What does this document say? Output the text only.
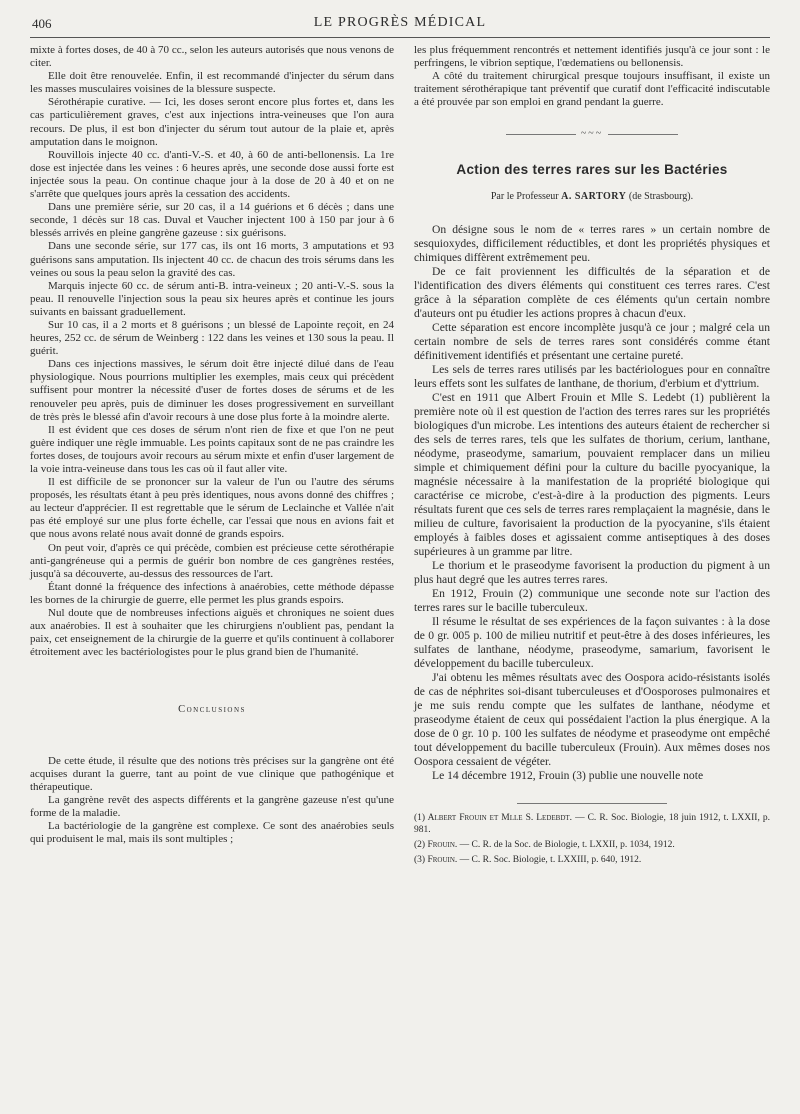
406	LE PROGRÈS MÉDICAL

mixte à fortes doses, de 40 à 70 cc., selon les auteurs autorisés que nous venons de citer.

Elle doit être renouvelée. Enfin, il est recommandé d'injecter du sérum dans les masses musculaires voisines de la blessure suspecte.

Sérothérapie curative. — Ici, les doses seront encore plus fortes et, dans les cas particulièrement graves, c'est aux injections intra-veineuses que l'on aura recours. De plus, il est bon d'injecter du sérum tout autour de la plaie et, après amputation dans le moignon.

Rouvillois injecte 40 cc. d'anti-V.-S. et 40, à 60 de anti-bellonensis. La 1re dose est injectée dans les veines : 6 heures après, une seconde dose aussi forte est injectée sous la peau. On continue chaque jour à la dose de 20 à 40 et on ne s'arrête que quelques jours après la cessation des accidents.

Dans une première série, sur 20 cas, il a 14 guérions et 6 décès ; dans une seconde, 1 décès sur 18 cas. Duval et Vaucher injectent 100 à 150 par jour à 6 blessés arrivés en pleine gangrène gazeuse : six guérisons.

Dans une seconde série, sur 177 cas, ils ont 16 morts, 3 amputations et 93 guérisons sans amputation. Ils injectent 40 cc. de chacun des trois sérums dans les veines ou sous la peau selon la gravité des cas.

Marquis injecte 60 cc. de sérum anti-B. intra-veineux ; 20 anti-V.-S. sous la peau. Il renouvelle l'injection sous la peau six heures après et continue les jours suivants en baissant graduellement.

Sur 10 cas, il a 2 morts et 8 guérisons ; un blessé de Lapointe reçoit, en 24 heures, 252 cc. de sérum de Weinberg : 122 dans les veines et 130 sous la peau. Il guérit.

Dans ces injections massives, le sérum doit être injecté dilué dans de l'eau physiologique. Nous pourrions multiplier les exemples, mais ceux qui précèdent suffisent pour montrer la nécessité d'user de fortes doses de sérums et de les renouveler peu après, puis de diminuer les doses progressivement en surveillant de très près le blessé afin d'avoir recours à une dose plus forte à la moindre alerte.

Il est évident que ces doses de sérum n'ont rien de fixe et que l'on ne peut guère indiquer une règle immuable. Les points capitaux sont de ne pas craindre les fortes doses, de toujours avoir recours au sérum mixte et enfin d'user largement de la voie intra-veineuse dans tous les cas où il faut aller vite.

Il est difficile de se prononcer sur la valeur de l'un ou l'autre des sérums proposés, les résultats étant à peu près identiques, nous avons donné des chiffres ; au lecteur d'apprécier. Il est regrettable que le sérum de Leclainche et Vallée n'ait pas été employé sur une plus forte échelle, car l'essai que nous en avions fait et que nous avons relaté nous avait donné de grands espoirs.

On peut voir, d'après ce qui précède, combien est précieuse cette sérothérapie anti-gangréneuse qui a permis de guérir bon nombre de ces gangrènes restées, jusqu'à sa découverte, au-dessus des ressources de l'art.

Étant donné la fréquence des infections à anaérobies, cette méthode dépasse les bornes de la chirurgie de guerre, elle permet les plus grands espoirs.

Nul doute que de nombreuses infections aiguës et chroniques ne soient dues aux anaérobies. Il est à souhaiter que les chirurgiens n'oublient pas, pendant la paix, cet enseignement de la chirurgie de la guerre et qu'ils continuent à collaborer étroitement avec les bactériologistes pour le plus grand bien de l'humanité.

Conclusions

De cette étude, il résulte que des notions très précises sur la gangrène ont été acquises durant la guerre, tant au point de vue clinique que pathogénique et thérapeutique.

La gangrène revêt des aspects différents et la gangrène gazeuse n'est qu'une forme de la maladie.

La bactériologie de la gangrène est complexe. Ce sont des anaérobies seuls qui produisent le mal, mais ils sont multiples ;

les plus fréquemment rencontrés et nettement identifiés jusqu'à ce jour sont : le perfringens, le vibrion septique, l'œdematiens ou bellonensis.

A côté du traitement chirurgical presque toujours insuffisant, il existe un traitement sérothérapique tant préventif que curatif dont l'efficacité indiscutable a été prouvée par son emploi en grand pendant la guerre.

~~~
Action des terres rares sur les Bactéries
Par le Professeur A. SARTORY (de Strasbourg).

On désigne sous le nom de « terres rares » un certain nombre de sesquioxydes, difficilement réductibles, et dont les propriétés physiques et chimiques diffèrent extrêmement peu.

De ce fait proviennent les difficultés de la séparation et de l'identification des divers éléments qui constituent ces terres rares. C'est grâce à la séparation complète de ces éléments qu'un certain nombre d'auteurs ont pu étudier les actions propres à chacun d'eux.

Cette séparation est encore incomplète jusqu'à ce jour ; malgré cela un certain nombre de sels de terres rares sont considérés comme étant définitivement identifiés et présentant une certaine pureté.

Les sels de terres rares utilisés par les bactériologues pour en connaître leurs effets sont les sulfates de lanthane, de thorium, d'erbium et d'yttrium.

C'est en 1911 que Albert Frouin et Mlle S. Ledebt (1) publièrent la première note où il est question de l'action des terres rares sur les propriétés biologiques d'un microbe. Les intentions des auteurs étaient de rechercher si des sels de terres rares, tels que les sulfates de thorium, cerium, lanthane, néodyme, praseodyme, samarium, pouvaient remplacer dans un milieu simple et chimiquement défini pour la culture du bacille pyocyanique, la magnésie nécessaire à la manifestation de la propriété biologique qui caractérise ce microbe, c'est-à-dire à la production des pigments. Leurs résultats furent que ces sels de terres rares remplaçaient la magnésie, dans le milieu de culture, favorisaient la production de la pyocyanine, s'ils étaient employés à faibles doses et agissaient comme antiseptiques à des doses supérieures à un gramme par litre.

Le thorium et le praseodyme favorisent la production du pigment à un plus haut degré que les autres terres rares.

En 1912, Frouin (2) communique une seconde note sur l'action des terres rares sur le bacille tuberculeux.

Il résume le résultat de ses expériences de la façon suivantes : à la dose de 0 gr. 005 p. 100 de milieu nutritif et peut-être à des doses inférieures, les sulfates de lanthane, néodyme, praseodyme, samarium, favorisent le développement du bacille tuberculeux.

J'ai obtenu les mêmes résultats avec des Oospora acido-résistants isolés de cas de néphrites soi-disant tuberculeuses et d'Oosporoses pulmonaires et je me suis rendu compte que les sulfates de lanthane, néodyme et praseodyme étaient de ceux qui possédaient l'action la plus énergique. A la dose de 0 gr. 10 p. 100 les sulfates de néodyme et praseodyme ont empêché tout développement du bacille tuberculeux (Frouin). Aux mêmes doses nos Oospora cessaient de végéter.

Le 14 décembre 1912, Frouin (3) publie une nouvelle note

(1) Albert Frouin et Mlle S. Ledebdt. — C. R. Soc. Biologie, 18 juin 1912, t. LXXII, p. 981.

(2) Frouin. — C. R. de la Soc. de Biologie, t. LXXII, p. 1034, 1912.

(3) Frouin. — C. R. Soc. Biologie, t. LXXIII, p. 640, 1912.
